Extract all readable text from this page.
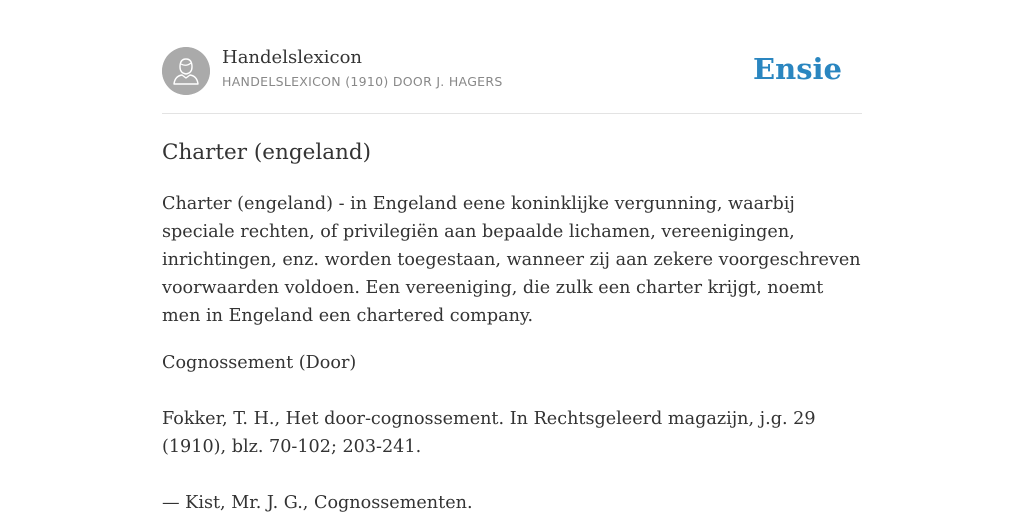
Handelslexicon
HANDELSLEXICON (1910) DOOR J. HAGERS	Ensie
Charter (engeland)

Charter (engeland) - in Engeland eene koninklijke vergunning, waarbij speciale rechten, of privilegiën aan bepaalde lichamen, vereenigingen, inrichtingen, enz. worden toegestaan, wanneer zij aan zekere voorgeschreven voorwaarden voldoen. Een vereeniging, die zulk een charter krijgt, noemt men in Engeland een chartered company.

Cognossement (Door)

Fokker, T. H., Het door-cognossement. In Rechtsgeleerd magazijn, j.g. 29 (1910), blz. 70-102; 203-241.

— Kist, Mr. J. G., Cognossementen.
